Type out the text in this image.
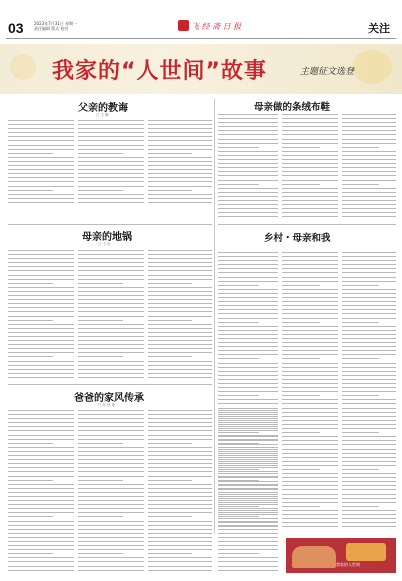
03	2023年7月31日 星期一
责任编辑 版式 校对	飞 经 斋 日 报	关注
我家的“人世间”故事	主题征文选登
父亲的教诲
□ 王 鹏
母亲做的条绒布鞋
母亲的地锅
□ 王 岩	乡村・母亲和我
爸爸的家风传承
□ 吴 秋 菊
我家的人世间
